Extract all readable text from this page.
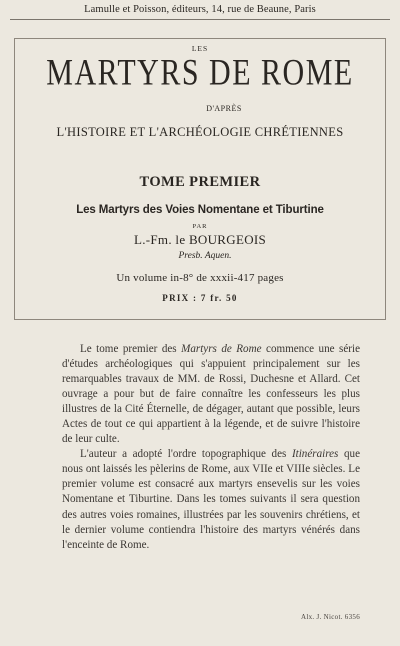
Lamulle et Poisson, éditeurs, 14, rue de Beaune, Paris
LES
MARTYRS DE ROME
D'APRÈS
L'HISTOIRE ET L'ARCHÉOLOGIE CHRÉTIENNES
TOME PREMIER
Les Martyrs des Voies Nomentane et Tiburtine
PAR
L.-Fm. le BOURGEOIS
Presb. Aquen.
Un volume in-8° de xxxii-417 pages
PRIX : 7 fr. 50

Le tome premier des Martyrs de Rome commence une série d'études archéologiques qui s'appuient principalement sur les remarquables travaux de MM. de Rossi, Duchesne et Allard. Cet ouvrage a pour but de faire connaître les confesseurs les plus illustres de la Cité Éternelle, de dégager, autant que possible, leurs Actes de tout ce qui appartient à la légende, et de suivre l'histoire de leur culte.

L'auteur a adopté l'ordre topographique des Itinéraires que nous ont laissés les pèlerins de Rome, aux VIIe et VIIIe siècles. Le premier volume est consacré aux martyrs ensevelis sur les voies Nomentane et Tiburtine. Dans les tomes suivants il sera question des autres voies romaines, illustrées par les souvenirs chrétiens, et le dernier volume contiendra l'histoire des martyrs vénérés dans l'enceinte de Rome.

Alx. J. Nicot. 6356
